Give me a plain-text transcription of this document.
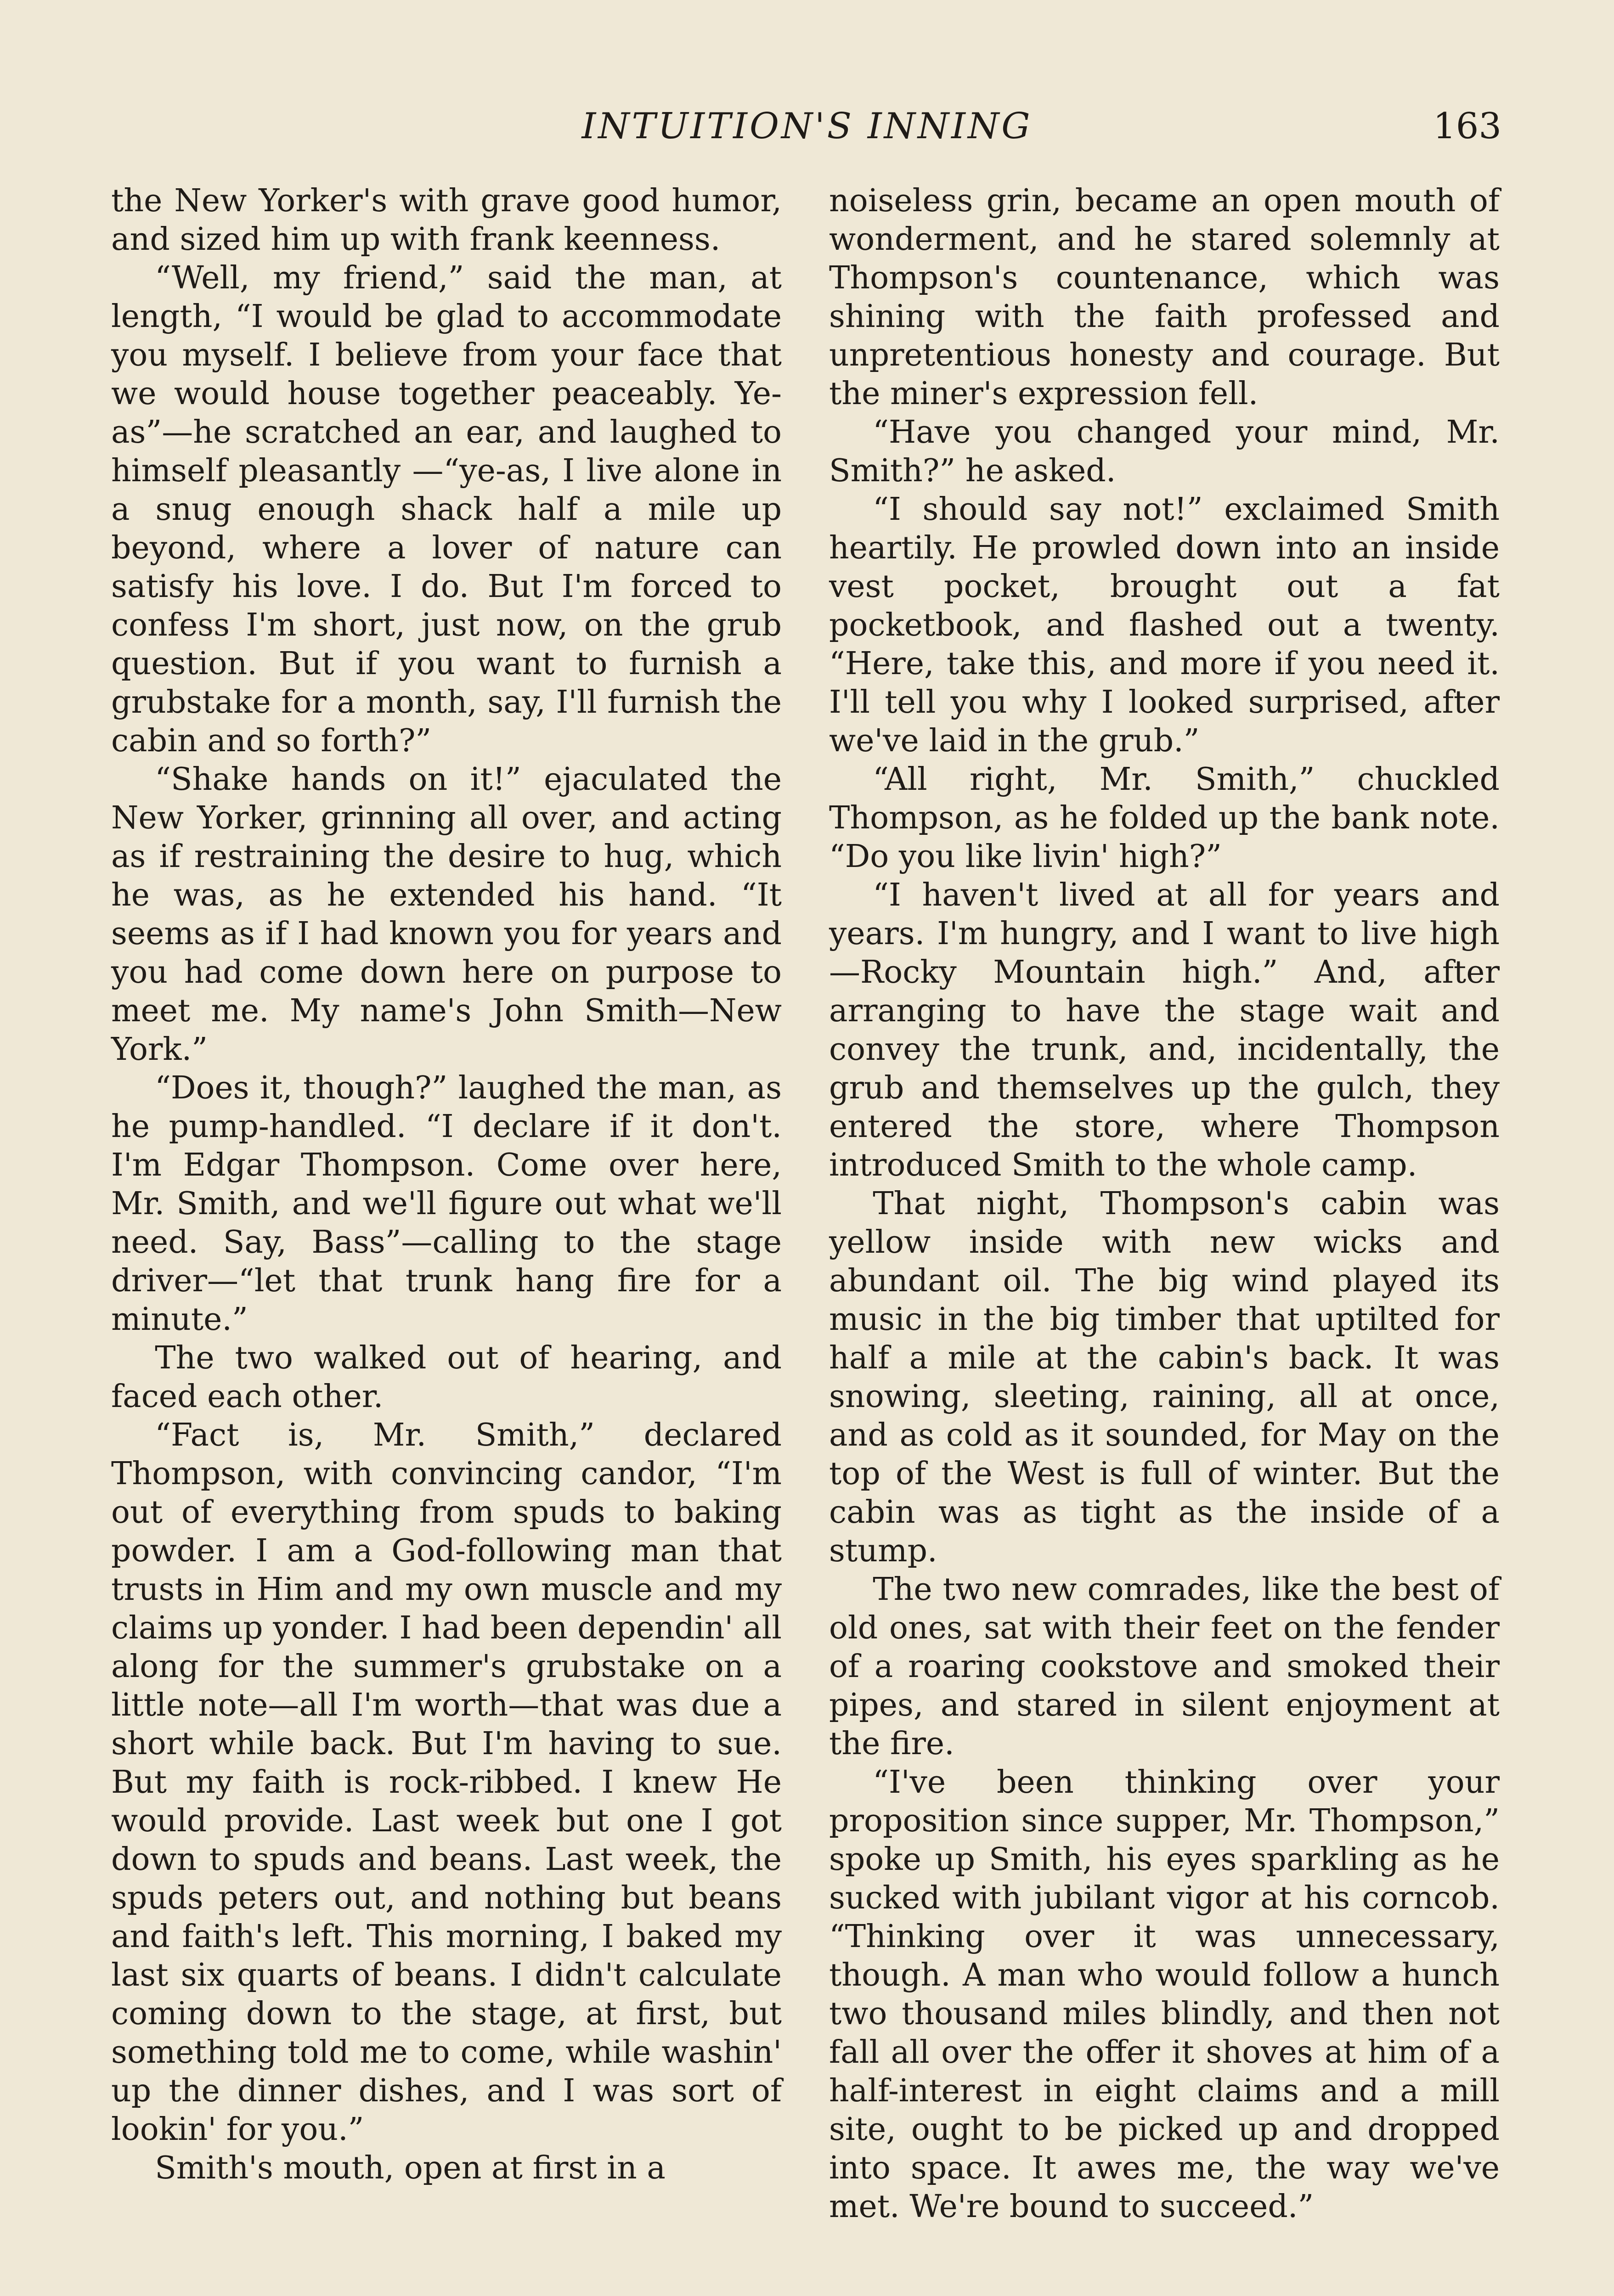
INTUITION'S INNING	163

the New Yorker's with grave good humor, and sized him up with frank keenness.

“Well, my friend,” said the man, at length, “I would be glad to accommodate you myself. I believe from your face that we would house together peaceably. Ye-as”—he scratched an ear, and laughed to himself pleasantly —“ye-as, I live alone in a snug enough shack half a mile up beyond, where a lover of nature can satisfy his love. I do. But I'm forced to confess I'm short, just now, on the grub question. But if you want to furnish a grubstake for a month, say, I'll furnish the cabin and so forth?”

“Shake hands on it!” ejaculated the New Yorker, grinning all over, and acting as if restraining the desire to hug, which he was, as he extended his hand. “It seems as if I had known you for years and you had come down here on purpose to meet me. My name's John Smith—New York.”

“Does it, though?” laughed the man, as he pump-handled. “I declare if it don't. I'm Edgar Thompson. Come over here, Mr. Smith, and we'll figure out what we'll need. Say, Bass”—calling to the stage driver—“let that trunk hang fire for a minute.”

The two walked out of hearing, and faced each other.

“Fact is, Mr. Smith,” declared Thompson, with convincing candor, “I'm out of everything from spuds to baking powder. I am a God-following man that trusts in Him and my own muscle and my claims up yonder. I had been dependin' all along for the summer's grubstake on a little note—all I'm worth—that was due a short while back. But I'm having to sue. But my faith is rock-ribbed. I knew He would provide. Last week but one I got down to spuds and beans. Last week, the spuds peters out, and nothing but beans and faith's left. This morning, I baked my last six quarts of beans. I didn't calculate coming down to the stage, at first, but something told me to come, while washin' up the dinner dishes, and I was sort of lookin' for you.”

Smith's mouth, open at first in a

noiseless grin, became an open mouth of wonderment, and he stared solemnly at Thompson's countenance, which was shining with the faith professed and unpretentious honesty and courage. But the miner's expression fell.

“Have you changed your mind, Mr. Smith?” he asked.

“I should say not!” exclaimed Smith heartily. He prowled down into an inside vest pocket, brought out a fat pocketbook, and flashed out a twenty. “Here, take this, and more if you need it. I'll tell you why I looked surprised, after we've laid in the grub.”

“All right, Mr. Smith,” chuckled Thompson, as he folded up the bank note. “Do you like livin' high?”

“I haven't lived at all for years and years. I'm hungry, and I want to live high—Rocky Mountain high.” And, after arranging to have the stage wait and convey the trunk, and, incidentally, the grub and themselves up the gulch, they entered the store, where Thompson introduced Smith to the whole camp.

That night, Thompson's cabin was yellow inside with new wicks and abundant oil. The big wind played its music in the big timber that uptilted for half a mile at the cabin's back. It was snowing, sleeting, raining, all at once, and as cold as it sounded, for May on the top of the West is full of winter. But the cabin was as tight as the inside of a stump.

The two new comrades, like the best of old ones, sat with their feet on the fender of a roaring cookstove and smoked their pipes, and stared in silent enjoyment at the fire.

“I've been thinking over your proposition since supper, Mr. Thompson,” spoke up Smith, his eyes sparkling as he sucked with jubilant vigor at his corncob. “Thinking over it was unnecessary, though. A man who would follow a hunch two thousand miles blindly, and then not fall all over the offer it shoves at him of a half-interest in eight claims and a mill site, ought to be picked up and dropped into space. It awes me, the way we've met. We're bound to succeed.”
